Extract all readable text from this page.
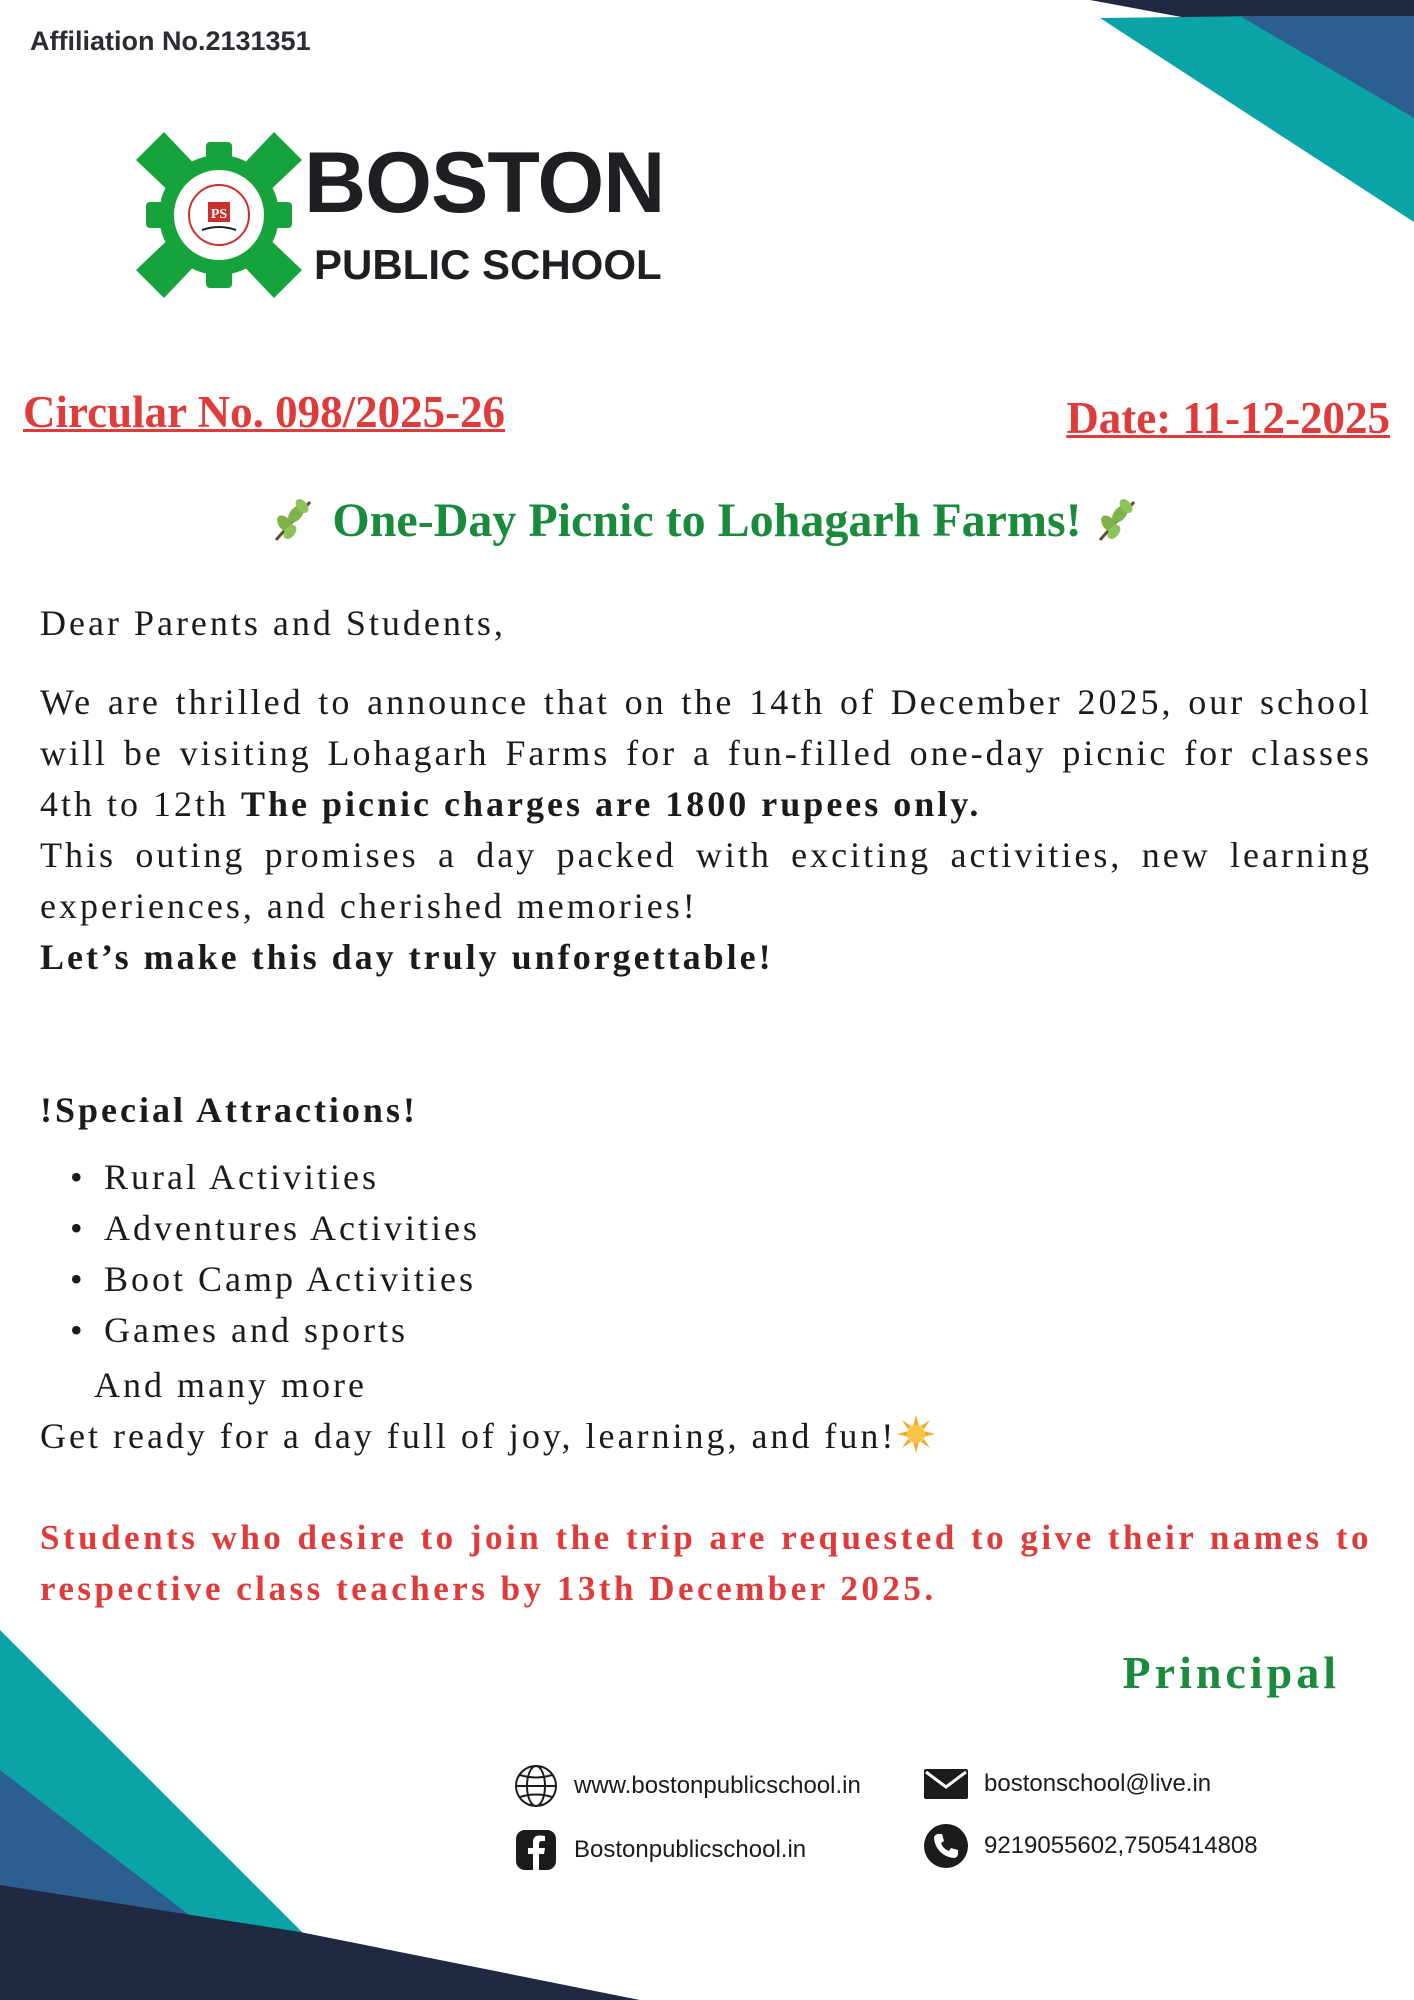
Affiliation No.2131351
PS BOSTON
PUBLIC SCHOOL
Circular No. 098/2025-26	Date: 11-12-2025
One-Day Picnic to Lohagarh Farms!
Dear Parents and Students,

We are thrilled to announce that on the 14th of December 2025, our school will be visiting Lohagarh Farms for a fun-filled one-day picnic for classes 4th to 12th The picnic charges are 1800 rupees only.

This outing promises a day packed with exciting activities, new learning experiences, and cherished memories!

Let’s make this day truly unforgettable!

!Special Attractions!
• Rural Activities
• Adventures Activities
• Boot Camp Activities
• Games and sports
And many more
Get ready for a day full of joy, learning, and fun!
Students who desire to join the trip are requested to give their names to respective class teachers by 13th December 2025.
Principal
www.bostonpublicschool.in	bostonschool@live.in
Bostonpublicschool.in	9219055602,7505414808
